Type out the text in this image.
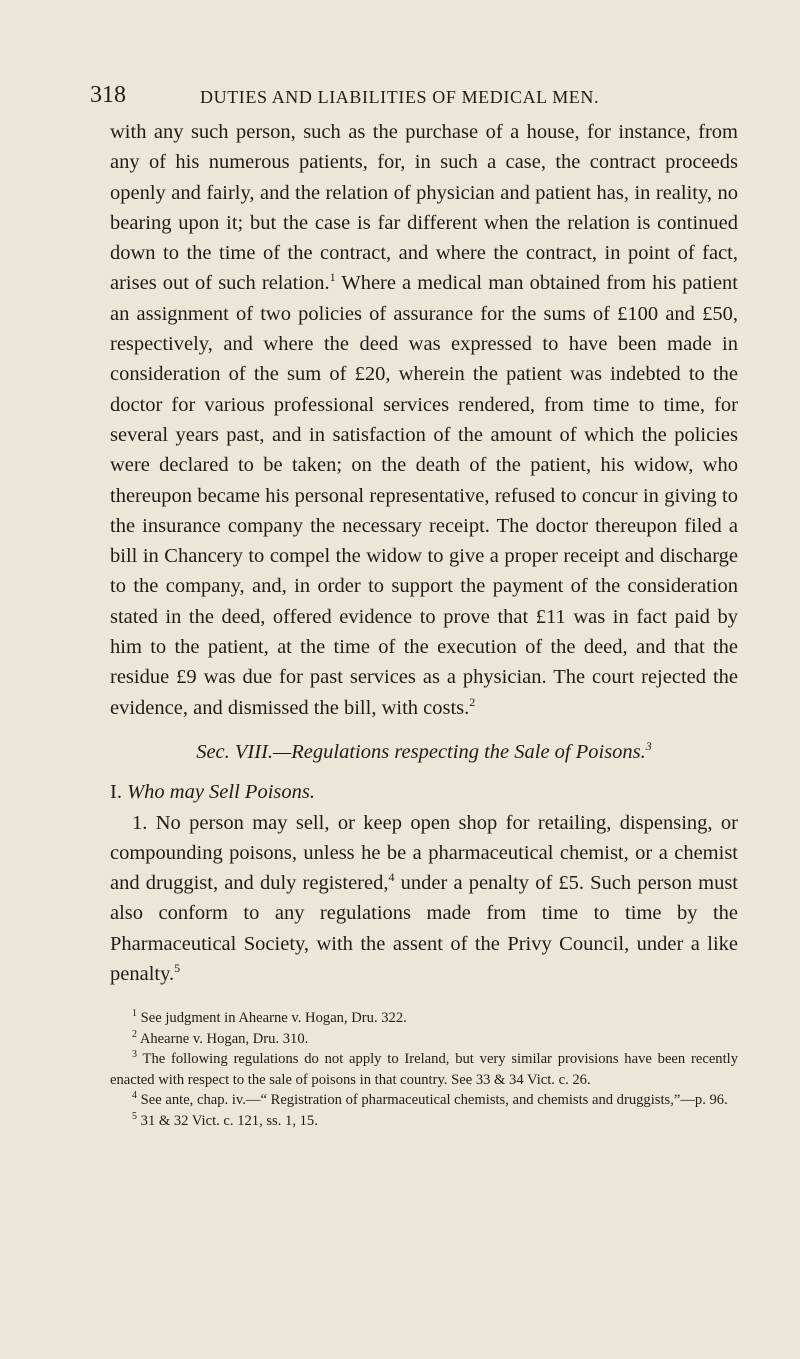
318	DUTIES AND LIABILITIES OF MEDICAL MEN.

with any such person, such as the purchase of a house, for instance, from any of his numerous patients, for, in such a case, the contract proceeds openly and fairly, and the relation of physician and patient has, in reality, no bearing upon it; but the case is far different when the relation is continued down to the time of the contract, and where the contract, in point of fact, arises out of such relation.$^1$ Where a medical man obtained from his patient an assignment of two policies of assurance for the sums of £100 and £50, respectively, and where the deed was expressed to have been made in consideration of the sum of £20, wherein the patient was indebted to the doctor for various professional services rendered, from time to time, for several years past, and in satisfaction of the amount of which the policies were declared to be taken; on the death of the patient, his widow, who thereupon became his personal representative, refused to concur in giving to the insurance company the necessary receipt. The doctor thereupon filed a bill in Chancery to compel the widow to give a proper receipt and discharge to the company, and, in order to support the payment of the consideration stated in the deed, offered evidence to prove that £11 was in fact paid by him to the patient, at the time of the execution of the deed, and that the residue £9 was due for past services as a physician. The court rejected the evidence, and dismissed the bill, with costs.$^2$

Sec. VIII.—Regulations respecting the Sale of Poisons.$^3$

I. Who may Sell Poisons.

1. No person may sell, or keep open shop for retailing, dispensing, or compounding poisons, unless he be a pharmaceutical chemist, or a chemist and druggist, and duly registered,$^4$ under a penalty of £5. Such person must also conform to any regulations made from time to time by the Pharmaceutical Society, with the assent of the Privy Council, under a like penalty.$^5$

$^1$ See judgment in Ahearne v. Hogan, Dru. 322.

$^2$ Ahearne v. Hogan, Dru. 310.

$^3$ The following regulations do not apply to Ireland, but very similar provisions have been recently enacted with respect to the sale of poisons in that country. See 33 & 34 Vict. c. 26.

$^4$ See ante, chap. iv.—“ Registration of pharmaceutical chemists, and chemists and druggists,”—p. 96.

$^5$ 31 & 32 Vict. c. 121, ss. 1, 15.
